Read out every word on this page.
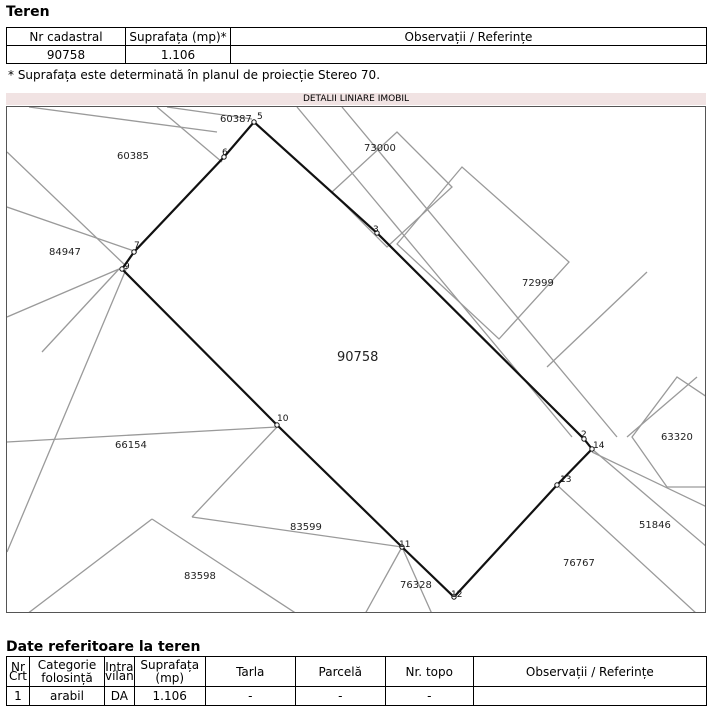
Teren
Nr cadastral	Suprafața (mp)*	Observații / Referințe
90758	1.106	
* Suprafața este determinată în planul de proiecție Stereo 70.
DETALII LINIARE IMOBIL
60387
60385
73000
84947
72999
66154
63320
83599	51846
76767
83598
76328
90758
5
6
7
9
3
10
2
14
13
11
12
Date referitoare la teren
Nr Crt	Categorie folosință	Intra vilan	Suprafața (mp)	Tarla	Parcelă	Nr. topo	Observații / Referințe
1	arabil	DA	1.106	-	-	-	
